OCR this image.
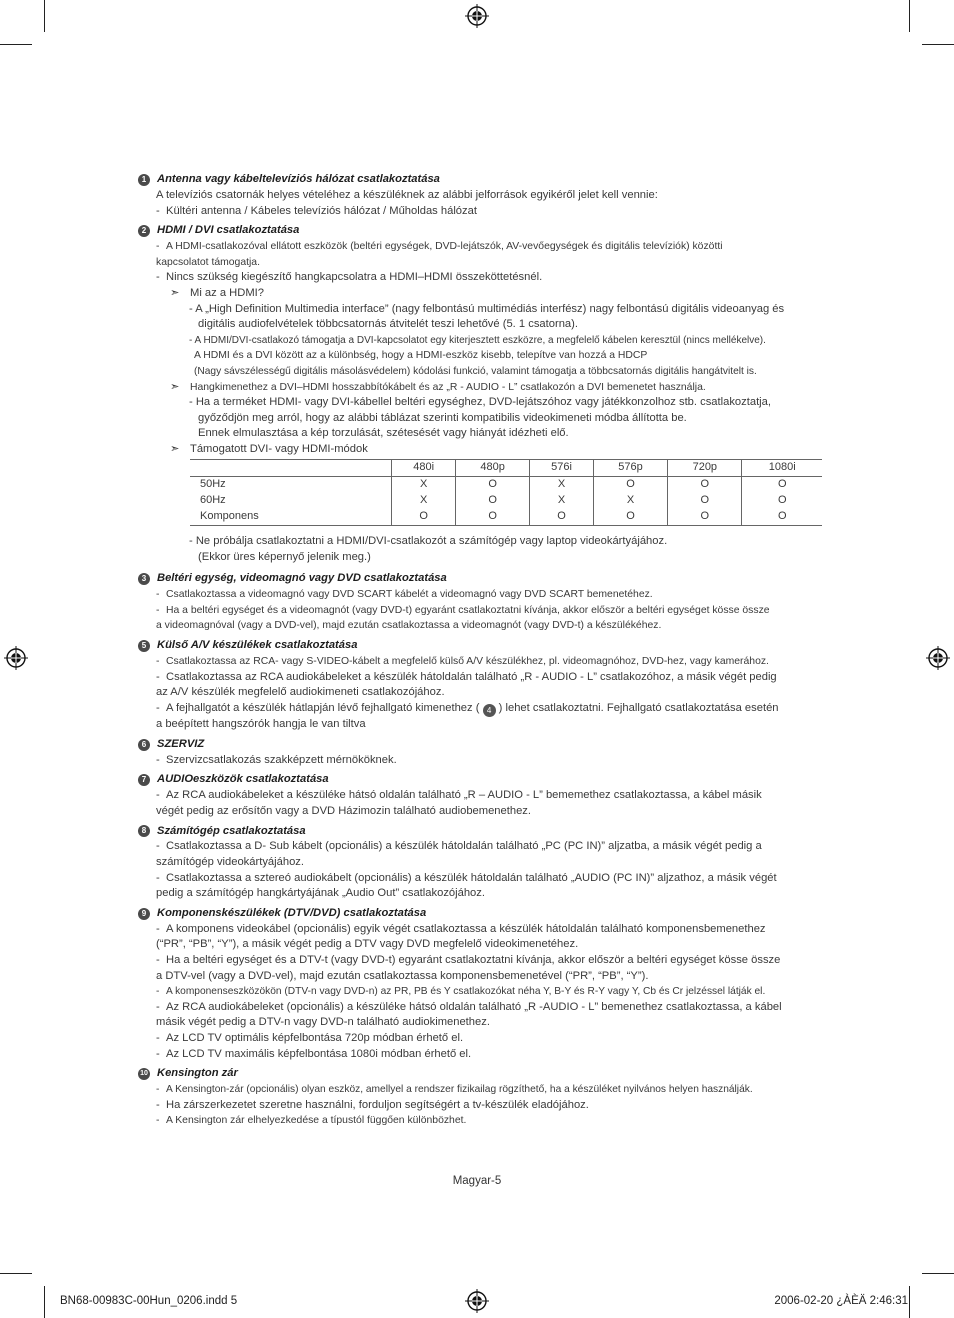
1 Antenna vagy kábeltelevíziós hálózat csatlakoztatása
A televíziós csatornák helyes vételéhez a készüléknek az alábbi jelforrások egyikéről jelet kell vennie:
- Kültéri antenna / Kábeles televíziós hálózat / Műholdas hálózat
2 HDMI / DVI csatlakoztatása
- A HDMI-csatlakozóval ellátott eszközök (beltéri egységek, DVD-lejátszók, AV-vevőegységek és digitális televíziók) közötti
kapcsolatot támogatja.
- Nincs szükség kiegészítő hangkapcsolatra a HDMI–HDMI összeköttetésnél.
➣ Mi az a HDMI?
- A „High Definition Multimedia interface” (nagy felbontású multimédiás interfész) nagy felbontású digitális videoanyag és
digitális audiofelvételek többcsatornás átvitelét teszi lehetővé (5. 1 csatorna).
- A HDMI/DVI-csatlakozó támogatja a DVI-kapcsolatot egy kiterjesztett eszközre, a megfelelő kábelen keresztül (nincs mellékelve).
A HDMI és a DVI között az a különbség, hogy a HDMI-eszköz kisebb, telepítve van hozzá a HDCP
(Nagy sávszélességű digitális másolásvédelem) kódolási funkció, valamint támogatja a többcsatornás digitális hangátvitelt is.
➣	Hangkimenethez a DVI–HDMI hosszabbítókábelt és az „R - AUDIO - L” csatlakozón a DVI bemenetet használja.
- Ha a terméket HDMI- vagy DVI-kábellel beltéri egységhez, DVD-lejátszóhoz vagy játékkonzolhoz stb. csatlakoztatja,
győződjön meg arról, hogy az alábbi táblázat szerinti kompatibilis videokimeneti módba állította be.
Ennek elmulasztása a kép torzulását, szétesését vagy hiányát idézheti elő.
➣ Támogatott DVI- vagy HDMI-módok
	480i	480p	576i	576p	720p	1080i
50Hz	X	O	X	O	O	O
60Hz	X	O	X	X	O	O
Komponens	O	O	O	O	O	O
- Ne próbálja csatlakoztatni a HDMI/DVI-csatlakozót a számítógép vagy laptop videokártyájához.
(Ekkor üres képernyő jelenik meg.)
3 Beltéri egység, videomagnó vagy DVD csatlakoztatása
- Csatlakoztassa a videomagnó vagy DVD SCART kábelét a videomagnó vagy DVD SCART bemenetéhez.
- Ha a beltéri egységet és a videomagnót (vagy DVD-t) egyaránt csatlakoztatni kívánja, akkor először a beltéri egységet kösse össze
a videomagnóval (vagy a DVD-vel), majd ezután csatlakoztassa a videomagnót (vagy DVD-t) a készülékéhez.
5 Külső A/V készülékek csatlakoztatása
- Csatlakoztassa az RCA- vagy S-VIDEO-kábelt a megfelelő külső A/V készülékhez, pl. videomagnóhoz, DVD-hez, vagy kamerához.
- Csatlakoztassa az RCA audiokábeleket a készülék hátoldalán található „R - AUDIO - L” csatlakozóhoz, a másik végét pedig
az A/V készülék megfelelő audiokimeneti csatlakozójához.
- A fejhallgatót a készülék hátlapján lévő fejhallgató kimenethez ( 4 ) lehet csatlakoztatni. Fejhallgató csatlakoztatása esetén
a beépített hangszórók hangja le van tiltva
6 SZERVIZ
- Szervizcsatlakozás szakképzett mérnököknek.
7 AUDIOeszközök csatlakoztatása
- Az RCA audiokábeleket a készüléke hátsó oldalán található „R – AUDIO - L” bememethez csatlakoztassa, a kábel másik
végét pedig az erősítőn vagy a DVD Házimozin található audiobemenethez.
8 Számítógép csatlakoztatása
- Csatlakoztassa a D- Sub kábelt (opcionális) a készülék hátoldalán található „PC (PC IN)” aljzatba, a másik végét pedig a
számítógép videokártyájához.
- Csatlakoztassa a sztereó audiokábelt (opcionális) a készülék hátoldalán található „AUDIO (PC IN)” aljzathoz, a másik végét
pedig a számítógép hangkártyájának „Audio Out” csatlakozójához.
9 Komponenskészülékek (DTV/DVD) csatlakoztatása
- A komponens videokábel (opcionális) egyik végét csatlakoztassa a készülék hátoldalán található komponensbemenethez
(“PR”, “PB”, “Y”), a másik végét pedig a DTV vagy DVD megfelelő videokimenetéhez.
- Ha a beltéri egységet és a DTV-t (vagy DVD-t) egyaránt csatlakoztatni kívánja, akkor először a beltéri egységet kösse össze
a DTV-vel (vagy a DVD-vel), majd ezután csatlakoztassa komponensbemenetével (“PR”, “PB”, “Y”).
- A komponenseszközökön (DTV-n vagy DVD-n) az PR, PB és Y csatlakozókat néha Y, B-Y és R-Y vagy Y, Cb és Cr jelzéssel látják el.
- Az RCA audiokábeleket (opcionális) a készüléke hátsó oldalán található „R -AUDIO - L” bemenethez csatlakoztassa, a kábel
másik végét pedig a DTV-n vagy DVD-n található audiokimenethez.
- Az LCD TV optimális képfelbontása 720p módban érhető el.
- Az LCD TV maximális képfelbontása 1080i módban érhető el.
10 Kensington zár
- A Kensington-zár (opcionális) olyan eszköz, amellyel a rendszer fizikailag rögzíthető, ha a készüléket nyilvános helyen használják.
- Ha zárszerkezetet szeretne használni, forduljon segítségért a tv-készülék eladójához.
- A Kensington zár elhelyezkedése a típustól függően különbözhet.
Magyar-5
BN68-00983C-00Hun_0206.indd 5	2006-02-20 ¿ÀÈÄ 2:46:31
